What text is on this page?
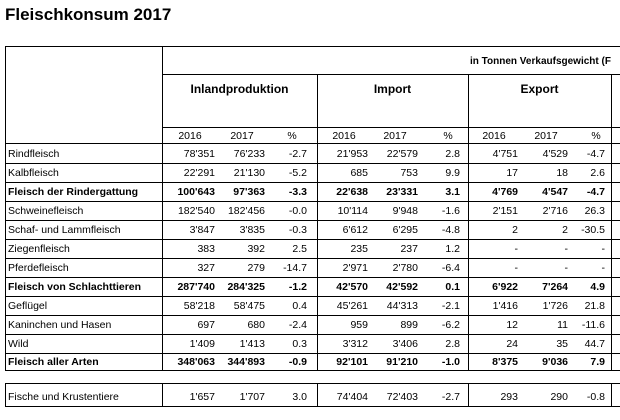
Fleischkonsum 2017
in Tonnen Verkaufsgewicht (F
Inlandproduktion	Import	Export
2016	2017	%	2016	2017	%	2016	2017	%
Rindfleisch	78'351	76'233	-2.7	21'953	22'579	2.8	4'751	4'529	-4.7
Kalbfleisch	22'291	21'130	-5.2	685	753	9.9	17	18	2.6
Fleisch der Rindergattung	100'643	97'363	-3.3	22'638	23'331	3.1	4'769	4'547	-4.7
Schweinefleisch	182'540	182'456	-0.0	10'114	9'948	-1.6	2'151	2'716	26.3
Schaf- und Lammfleisch	3'847	3'835	-0.3	6'612	6'295	-4.8	2	2	-30.5
Ziegenfleisch	383	392	2.5	235	237	1.2	-	-	-
Pferdefleisch	327	279	-14.7	2'971	2'780	-6.4	-	-	-
Fleisch von Schlachttieren	287'740	284'325	-1.2	42'570	42'592	0.1	6'922	7'264	4.9
Geflügel	58'218	58'475	0.4	45'261	44'313	-2.1	1'416	1'726	21.8
Kaninchen und Hasen	697	680	-2.4	959	899	-6.2	12	11	-11.6
Wild	1'409	1'413	0.3	3'312	3'406	2.8	24	35	44.7
Fleisch aller Arten	348'063	344'893	-0.9	92'101	91'210	-1.0	8'375	9'036	7.9
Fische und Krustentiere	1'657	1'707	3.0	74'404	72'403	-2.7	293	290	-0.8
